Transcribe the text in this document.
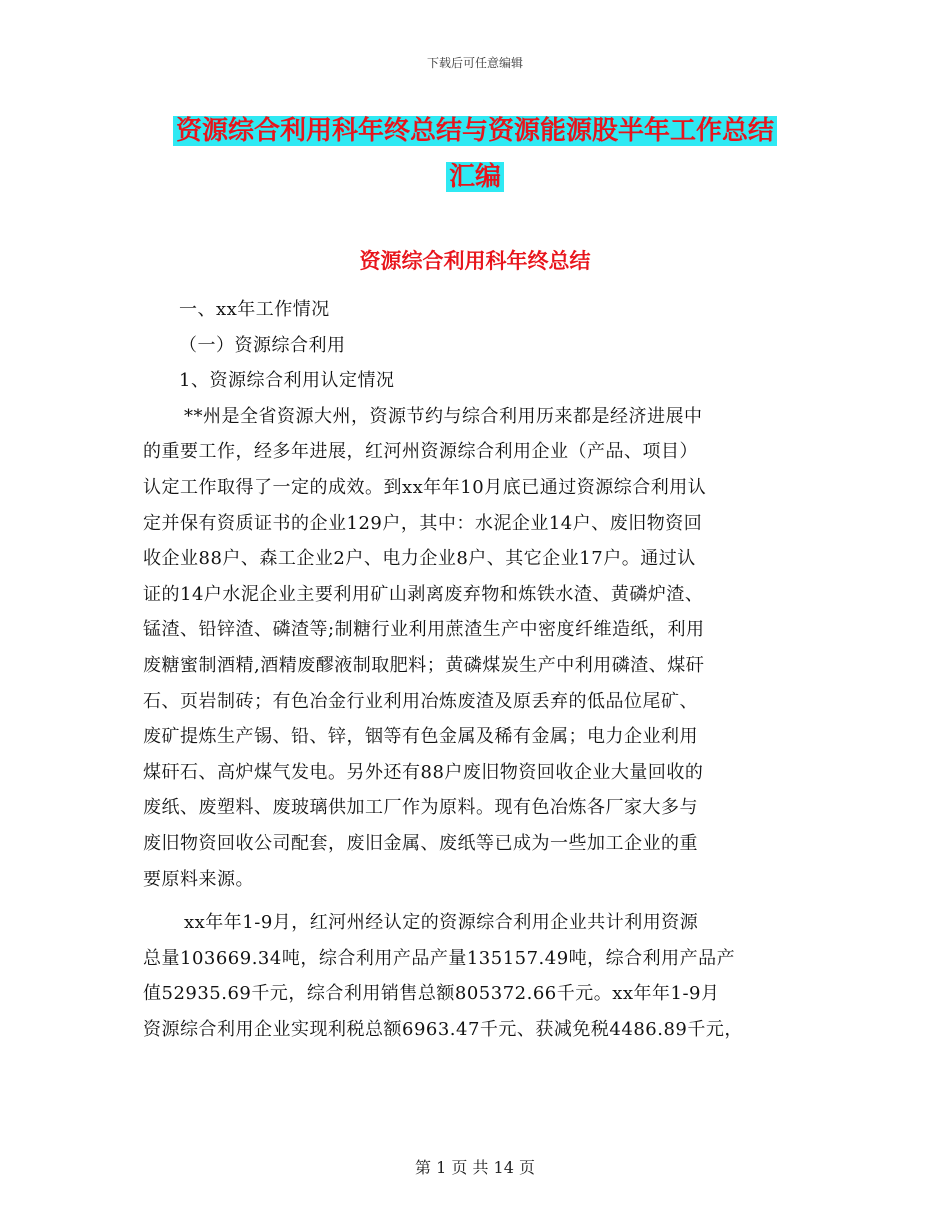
下载后可任意编辑
资源综合利用科年终总结与资源能源股半年工作总结
汇编
资源综合利用科年终总结
一、xx年工作情况
（一）资源综合利用
1、资源综合利用认定情况
**州是全省资源大州，资源节约与综合利用历来都是经济进展中
的重要工作，经多年进展，红河州资源综合利用企业（产品、项目）
认定工作取得了一定的成效。到xx年年10月底已通过资源综合利用认
定并保有资质证书的企业129户，其中：水泥企业14户、废旧物资回
收企业88户、森工企业2户、电力企业8户、其它企业17户。通过认
证的14户水泥企业主要利用矿山剥离废弃物和炼铁水渣、黄磷炉渣、
锰渣、铅锌渣、磷渣等;制糖行业利用蔗渣生产中密度纤维造纸，利用
废糖蜜制酒精,酒精废醪液制取肥料；黄磷煤炭生产中利用磷渣、煤矸
石、页岩制砖；有色冶金行业利用冶炼废渣及原丢弃的低品位尾矿、
废矿提炼生产锡、铅、锌，铟等有色金属及稀有金属；电力企业利用
煤矸石、高炉煤气发电。另外还有88户废旧物资回收企业大量回收的
废纸、废塑料、废玻璃供加工厂作为原料。现有色冶炼各厂家大多与
废旧物资回收公司配套，废旧金属、废纸等已成为一些加工企业的重
要原料来源。
xx年年1-9月，红河州经认定的资源综合利用企业共计利用资源
总量103669.34吨，综合利用产品产量135157.49吨，综合利用产品产
值52935.69千元，综合利用销售总额805372.66千元。xx年年1-9月
资源综合利用企业实现利税总额6963.47千元、获减免税4486.89千元，
第 1 页 共 14 页
